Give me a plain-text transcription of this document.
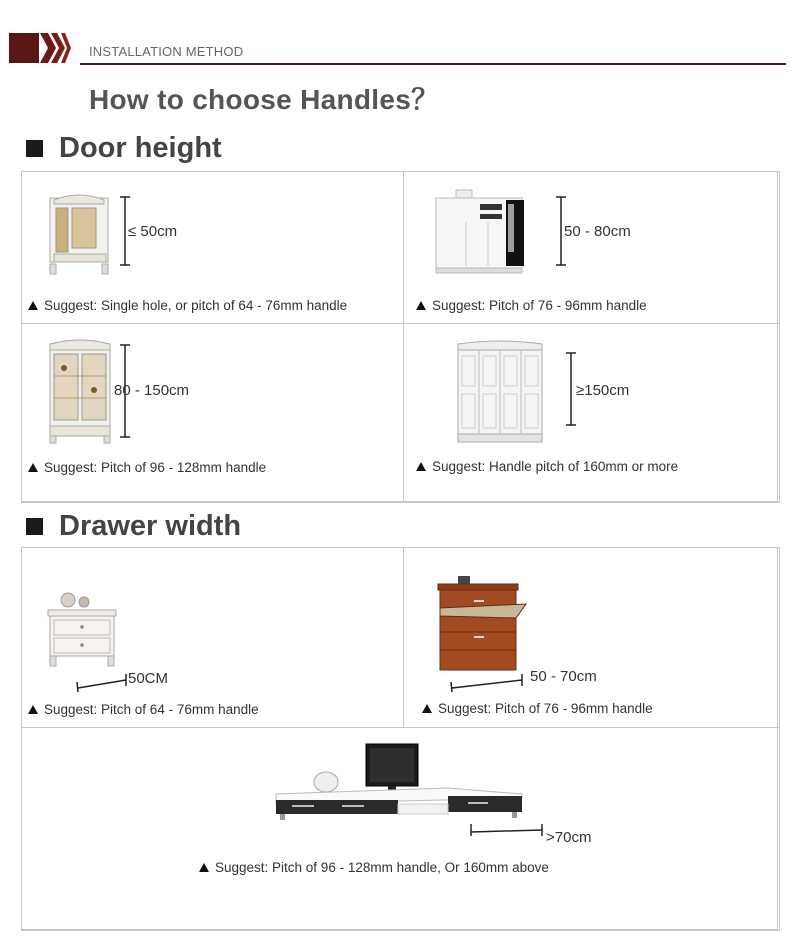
INSTALLATION METHOD
How to choose Handles？
Door height
≤ 50cm
Suggest: Single hole, or pitch of 64 - 76mm handle
50 - 80cm
Suggest: Pitch of 76 - 96mm handle
80 - 150cm
Suggest: Pitch of 96 - 128mm handle
≥150cm
Suggest: Handle pitch of 160mm or more
Drawer width
50CM
Suggest: Pitch of 64 - 76mm handle
50 - 70cm
Suggest: Pitch of 76 - 96mm handle
>70cm
Suggest: Pitch of 96 - 128mm handle, Or 160mm above
